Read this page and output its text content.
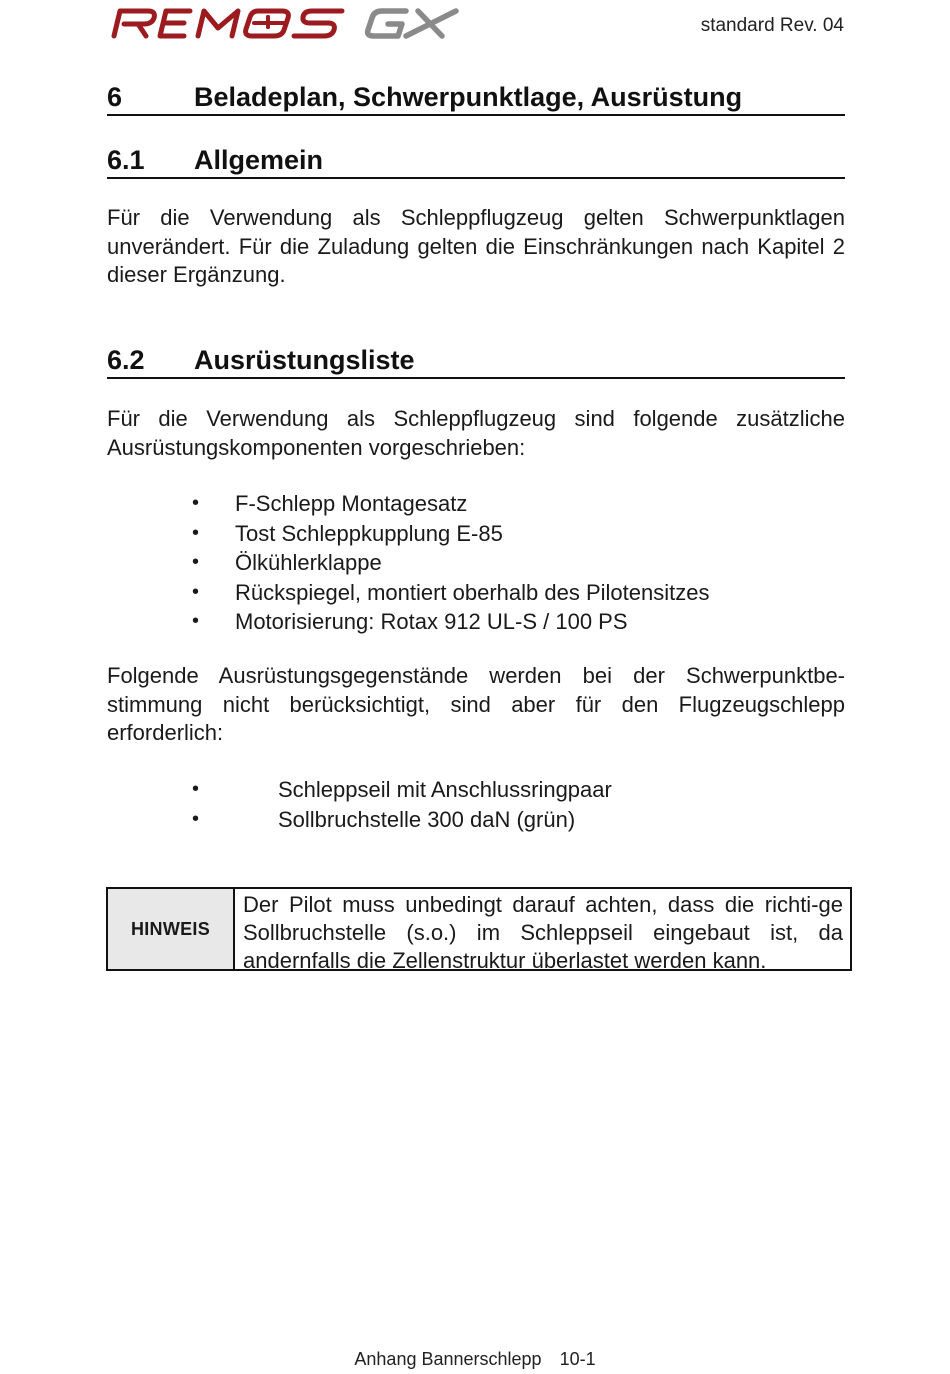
standard Rev. 04
6	Beladeplan, Schwerpunktlage, Ausrüstung
6.1 Allgemein

Für die Verwendung als Schleppflugzeug gelten Schwerpunktlagen unverändert. Für die Zuladung gelten die Einschränkungen nach Kapitel 2 dieser Ergänzung.

6.2 Ausrüstungsliste

Für die Verwendung als Schleppflugzeug sind folgende zusätzliche Ausrüstungskomponenten vorgeschrieben:

• F-Schlepp Montagesatz
• Tost Schleppkupplung E-85
• Ölkühlerklappe
• Rückspiegel, montiert oberhalb des Pilotensitzes
• Motorisierung: Rotax 912 UL-S / 100 PS

Folgende Ausrüstungsgegenstände werden bei der Schwerpunktbe-stimmung nicht berücksichtigt, sind aber für den Flugzeugschlepp erforderlich:

•	Schleppseil mit Anschlussringpaar
•	Sollbruchstelle 300 daN (grün)
HINWEIS
Der Pilot muss unbedingt darauf achten, dass die richti-ge Sollbruchstelle (s.o.) im Schleppseil eingebaut ist, da andernfalls die Zellenstruktur überlastet werden kann.
Anhang Bannerschlepp 10-1
